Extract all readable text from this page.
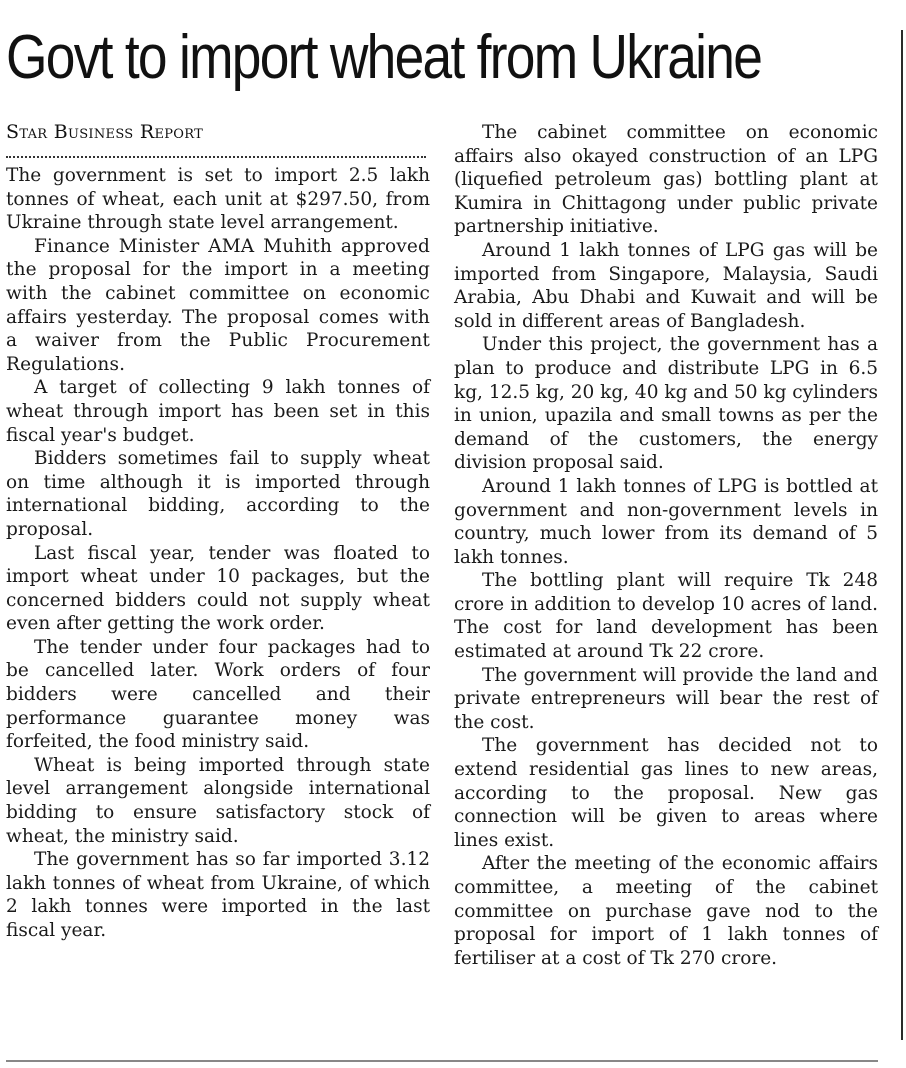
Govt to import wheat from Ukraine
Star Business Report

The government is set to import 2.5 lakh tonnes of wheat, each unit at $297.50, from Ukraine through state level arrangement.

Finance Minister AMA Muhith approved the proposal for the import in a meeting with the cabinet committee on economic affairs yesterday. The proposal comes with a waiver from the Public Procurement Regulations.

A target of collecting 9 lakh tonnes of wheat through import has been set in this fiscal year's budget.

Bidders sometimes fail to supply wheat on time although it is imported through international bidding, according to the proposal.

Last fiscal year, tender was floated to import wheat under 10 packages, but the concerned bidders could not supply wheat even after getting the work order.

The tender under four packages had to be cancelled later. Work orders of four bidders were cancelled and their performance guarantee money was forfeited, the food ministry said.

Wheat is being imported through state level arrangement alongside international bidding to ensure satisfactory stock of wheat, the ministry said.

The government has so far imported 3.12 lakh tonnes of wheat from Ukraine, of which 2 lakh tonnes were imported in the last fiscal year.

The cabinet committee on economic affairs also okayed construction of an LPG (liquefied petroleum gas) bottling plant at Kumira in Chittagong under public private partnership initiative.

Around 1 lakh tonnes of LPG gas will be imported from Singapore, Malaysia, Saudi Arabia, Abu Dhabi and Kuwait and will be sold in different areas of Bangladesh.

Under this project, the government has a plan to produce and distribute LPG in 6.5 kg, 12.5 kg, 20 kg, 40 kg and 50 kg cylinders in union, upazila and small towns as per the demand of the customers, the energy division proposal said.

Around 1 lakh tonnes of LPG is bottled at government and non-government levels in country, much lower from its demand of 5 lakh tonnes.

The bottling plant will require Tk 248 crore in addition to develop 10 acres of land. The cost for land development has been estimated at around Tk 22 crore.

The government will provide the land and private entrepreneurs will bear the rest of the cost.

The government has decided not to extend residential gas lines to new areas, according to the proposal. New gas connection will be given to areas where lines exist.

After the meeting of the economic affairs committee, a meeting of the cabinet committee on purchase gave nod to the proposal for import of 1 lakh tonnes of fertiliser at a cost of Tk 270 crore.
